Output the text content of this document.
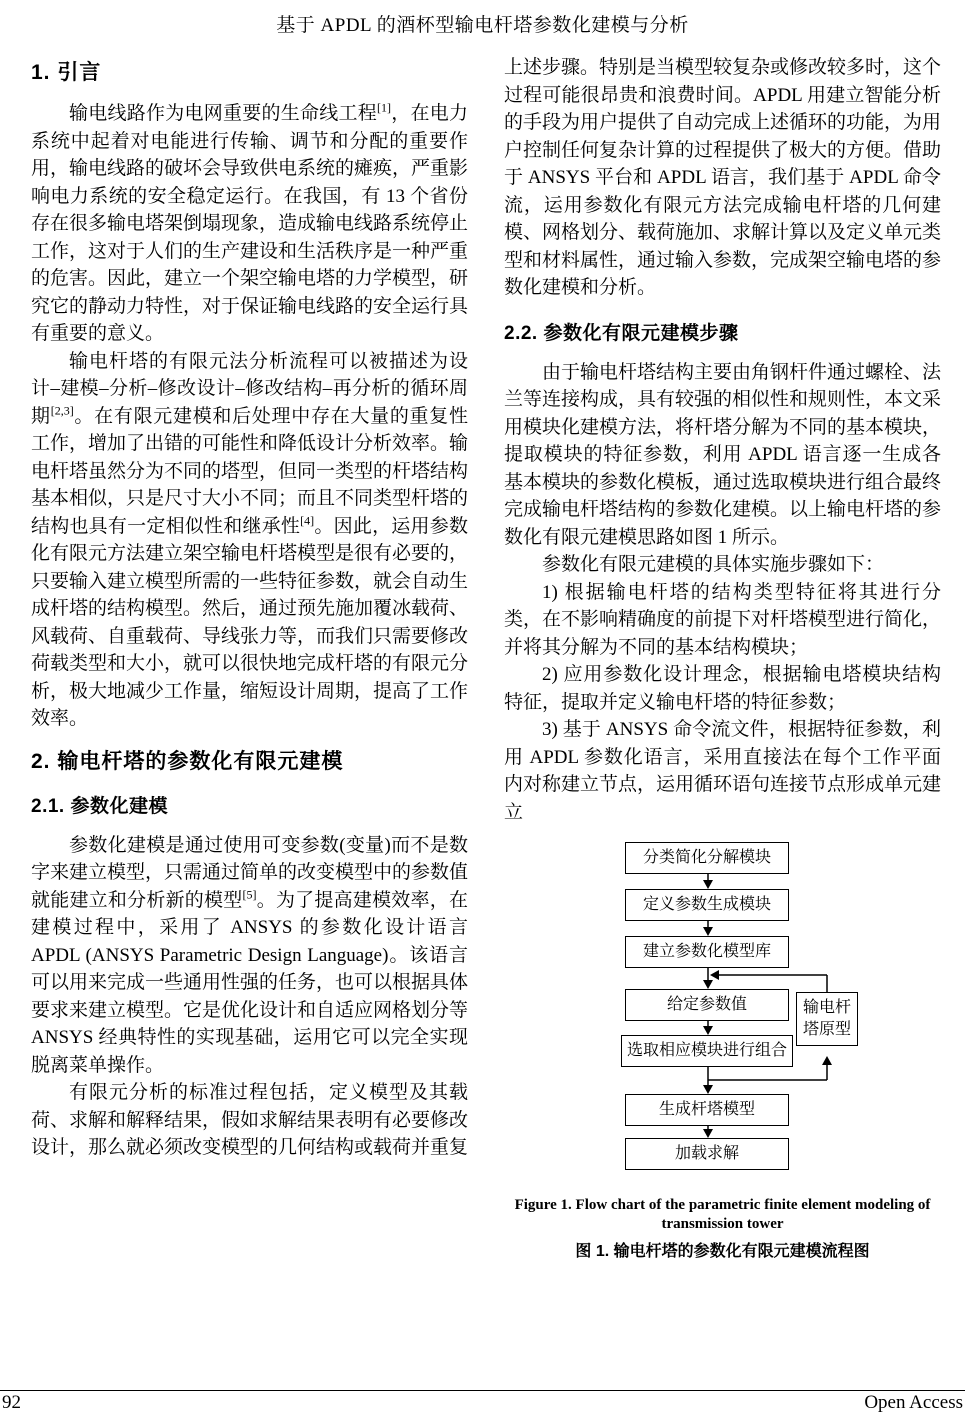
基于 APDL 的酒杯型输电杆塔参数化建模与分析
1. 引言

输电线路作为电网重要的生命线工程[1]，在电力系统中起着对电能进行传输、调节和分配的重要作用，输电线路的破坏会导致供电系统的瘫痪，严重影响电力系统的安全稳定运行。在我国，有 13 个省份存在很多输电塔架倒塌现象，造成输电线路系统停止工作，这对于人们的生产建设和生活秩序是一种严重的危害。因此，建立一个架空输电塔的力学模型，研究它的静动力特性，对于保证输电线路的安全运行具有重要的意义。

输电杆塔的有限元法分析流程可以被描述为设计–建模–分析–修改设计–修改结构–再分析的循环周期[2,3]。在有限元建模和后处理中存在大量的重复性工作，增加了出错的可能性和降低设计分析效率。输电杆塔虽然分为不同的塔型，但同一类型的杆塔结构基本相似，只是尺寸大小不同；而且不同类型杆塔的结构也具有一定相似性和继承性[4]。因此，运用参数化有限元方法建立架空输电杆塔模型是很有必要的，只要输入建立模型所需的一些特征参数，就会自动生成杆塔的结构模型。然后，通过预先施加覆冰载荷、风载荷、自重载荷、导线张力等，而我们只需要修改荷载类型和大小，就可以很快地完成杆塔的有限元分析，极大地减少工作量，缩短设计周期，提高了工作效率。

2. 输电杆塔的参数化有限元建模
2.1. 参数化建模

参数化建模是通过使用可变参数(变量)而不是数字来建立模型，只需通过简单的改变模型中的参数值就能建立和分析新的模型[5]。为了提高建模效率，在建模过程中，采用了 ANSYS 的参数化设计语言 APDL (ANSYS Parametric Design Language)。该语言可以用来完成一些通用性强的任务，也可以根据具体要求来建立模型。它是优化设计和自适应网格划分等 ANSYS 经典特性的实现基础，运用它可以完全实现脱离菜单操作。

有限元分析的标准过程包括，定义模型及其载荷、求解和解释结果，假如求解结果表明有必要修改设计，那么就必须改变模型的几何结构或载荷并重复

上述步骤。特别是当模型较复杂或修改较多时，这个过程可能很昂贵和浪费时间。APDL 用建立智能分析的手段为用户提供了自动完成上述循环的功能，为用户控制任何复杂计算的过程提供了极大的方便。借助于 ANSYS 平台和 APDL 语言，我们基于 APDL 命令流，运用参数化有限元方法完成输电杆塔的几何建模、网格划分、载荷施加、求解计算以及定义单元类型和材料属性，通过输入参数，完成架空输电塔的参数化建模和分析。

2.2. 参数化有限元建模步骤

由于输电杆塔结构主要由角钢杆件通过螺栓、法兰等连接构成，具有较强的相似性和规则性，本文采用模块化建模方法，将杆塔分解为不同的基本模块，提取模块的特征参数，利用 APDL 语言逐一生成各基本模块的参数化模板，通过选取模块进行组合最终完成输电杆塔结构的参数化建模。以上输电杆塔的参数化有限元建模思路如图 1 所示。

参数化有限元建模的具体实施步骤如下：

1) 根据输电杆塔的结构类型特征将其进行分类，在不影响精确度的前提下对杆塔模型进行简化，并将其分解为不同的基本结构模块；

2) 应用参数化设计理念，根据输电塔模块结构特征，提取并定义输电杆塔的特征参数；

3) 基于 ANSYS 命令流文件，根据特征参数，利用 APDL 参数化语言，采用直接法在每个工作平面内对称建立节点，运用循环语句连接节点形成单元建立

分类简化分解模块
定义参数生成模块
建立参数化模型库
给定参数值
选取相应模块进行组合
生成杆塔模型
加载求解
输电杆塔原型
Figure 1. Flow chart of the parametric finite element modeling of transmission tower
图 1. 输电杆塔的参数化有限元建模流程图
92	Open Access
